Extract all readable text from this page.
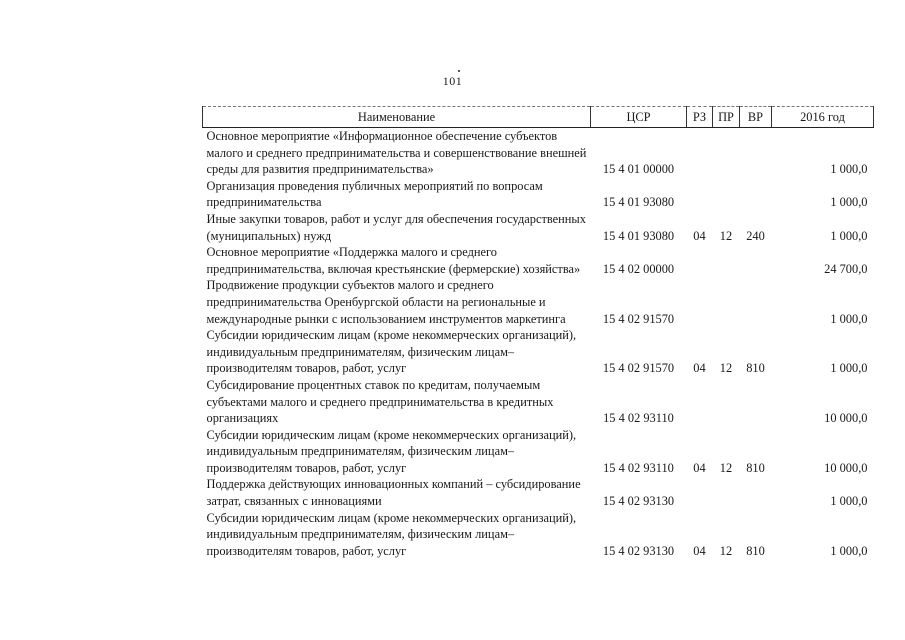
101
Наименование	ЦСР	РЗ	ПР	ВР	2016 год
Основное мероприятие «Информационное обеспечение субъектов малого и среднего предпринимательства и совершенствование внешней среды для развития предпринимательства»	15 4 01 00000				1 000,0
Организация проведения публичных мероприятий по вопросам предпринимательства	15 4 01 93080				1 000,0
Иные закупки товаров, работ и услуг для обеспечения государственных (муниципальных) нужд	15 4 01 93080	04	12	240	1 000,0
Основное мероприятие «Поддержка малого и среднего предпринимательства, включая крестьянские (фермерские) хозяйства»	15 4 02 00000				24 700,0
Продвижение продукции субъектов малого и среднего предпринимательства Оренбургской области на региональные и международные рынки с использованием инструментов маркетинга	15 4 02 91570				1 000,0
Субсидии юридическим лицам (кроме некоммерческих организаций), индивидуальным предпринимателям, физическим лицам–производителям товаров, работ, услуг	15 4 02 91570	04	12	810	1 000,0
Субсидирование процентных ставок по кредитам, получаемым субъектами малого и среднего предпринимательства в кредитных организациях	15 4 02 93110				10 000,0
Субсидии юридическим лицам (кроме некоммерческих организаций), индивидуальным предпринимателям, физическим лицам–производителям товаров, работ, услуг	15 4 02 93110	04	12	810	10 000,0
Поддержка действующих инновационных компаний – субсидирование затрат, связанных с инновациями	15 4 02 93130				1 000,0
Субсидии юридическим лицам (кроме некоммерческих организаций), индивидуальным предпринимателям, физическим лицам–производителям товаров, работ, услуг	15 4 02 93130	04	12	810	1 000,0
